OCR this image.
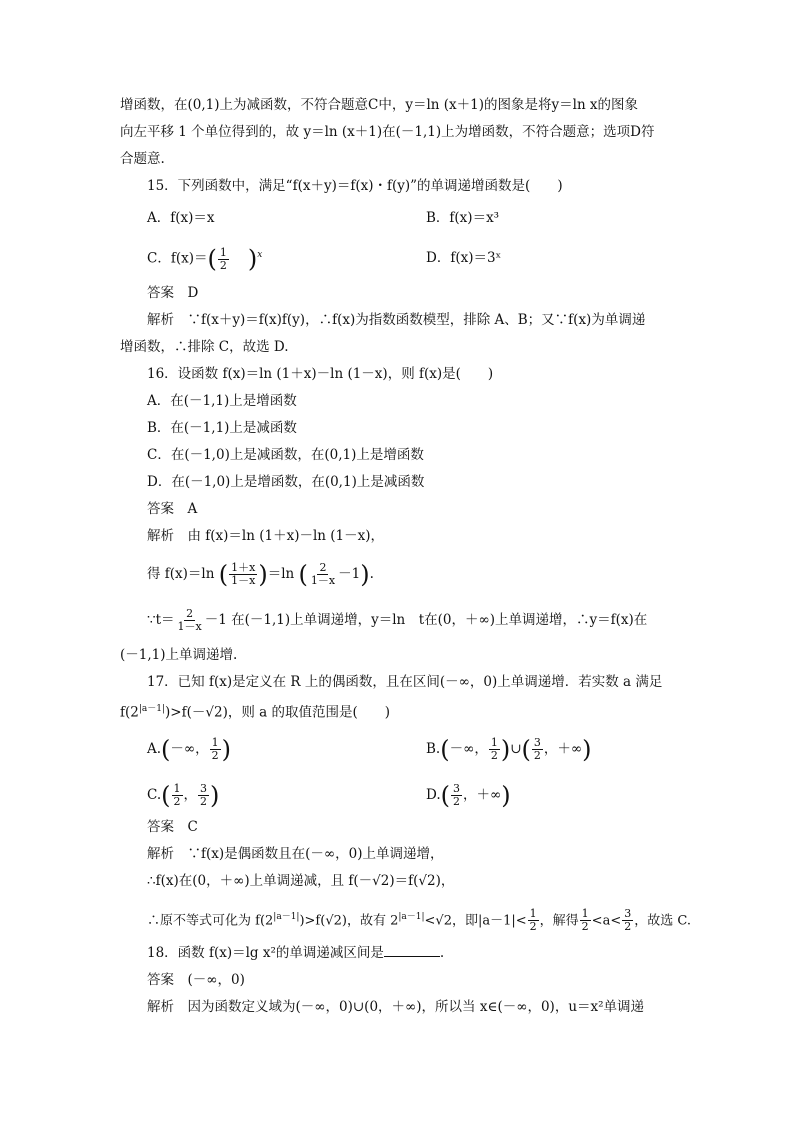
增函数，在(0,1)上为减函数，不符合题意C中，y＝ln (x＋1)的图象是将y＝ln x的图象
向左平移 1 个单位得到的，故 y＝ln (x＋1)在(－1,1)上为增函数，不符合题意；选项D符
合题意.
15．下列函数中，满足“f(x＋y)＝f(x)・f(y)”的单调递增函数是(　　)
A．f(x)＝x	B．f(x)＝x³
C．$f(x)=( \frac{1}{2} )^x$	D．f(x)＝3ˣ
答案　D
解析　∵f(x＋y)＝f(x)f(y)，∴f(x)为指数函数模型，排除 A、B；又∵f(x)为单调递
增函数，∴排除 C，故选 D.
16．设函数 f(x)＝ln (1＋x)－ln (1－x)，则 f(x)是(　　)
A．在(－1,1)上是增函数
B．在(－1,1)上是减函数
C．在(－1,0)上是减函数，在(0,1)上是增函数
D．在(－1,0)上是增函数，在(0,1)上是减函数
答案　A
解析　由 f(x)＝ln (1＋x)－ln (1－x)，
得 f(x)＝ln ( $\frac{1+x}{1-x} )=\ln$ ( $\frac{2}{1-x} -1$).
∵t＝ $\frac{2}{1-x} -1$ 在(－1,1)上单调递增，y＝ln　t在(0，＋∞)上单调递增，∴y＝f(x)在
(－1,1)上单调递增.
17．已知 f(x)是定义在 R 上的偶函数，且在区间(－∞，0)上单调递增．若实数 a 满足
$f(2^{|a-1|})>f(-√2)$，则 a 的取值范围是(　　)
A.(－∞， $\frac{1}{2}$ )	B.(－∞， $\frac{1}{2}$ )∪( $\frac{3}{2}$ ，＋∞)
$C.( \frac{1}{2}$ ， $\frac{3}{2}$ )	$D.( \frac{3}{2}$ ，＋∞)
答案　C
解析　∵f(x)是偶函数且在(－∞，0)上单调递增，
∴f(x)在(0，＋∞)上单调递减，且 f(－√2)＝f(√2)，
∴原不等式可化为 $f(2^{|a-1|})>f(√2)$，故有 $2^{|a-1|}<√2$，即$|a-1|< \frac{1}{2}$ ，解得 $\frac{1}{2} <a< \frac{3}{2}$ ，故选 C.
18．函数 f(x)＝lg x²的单调递减区间是	.
答案　(－∞，0)
解析　因为函数定义域为(－∞，0)∪(0，＋∞)，所以当 x∈(－∞，0)，u＝x²单调递
